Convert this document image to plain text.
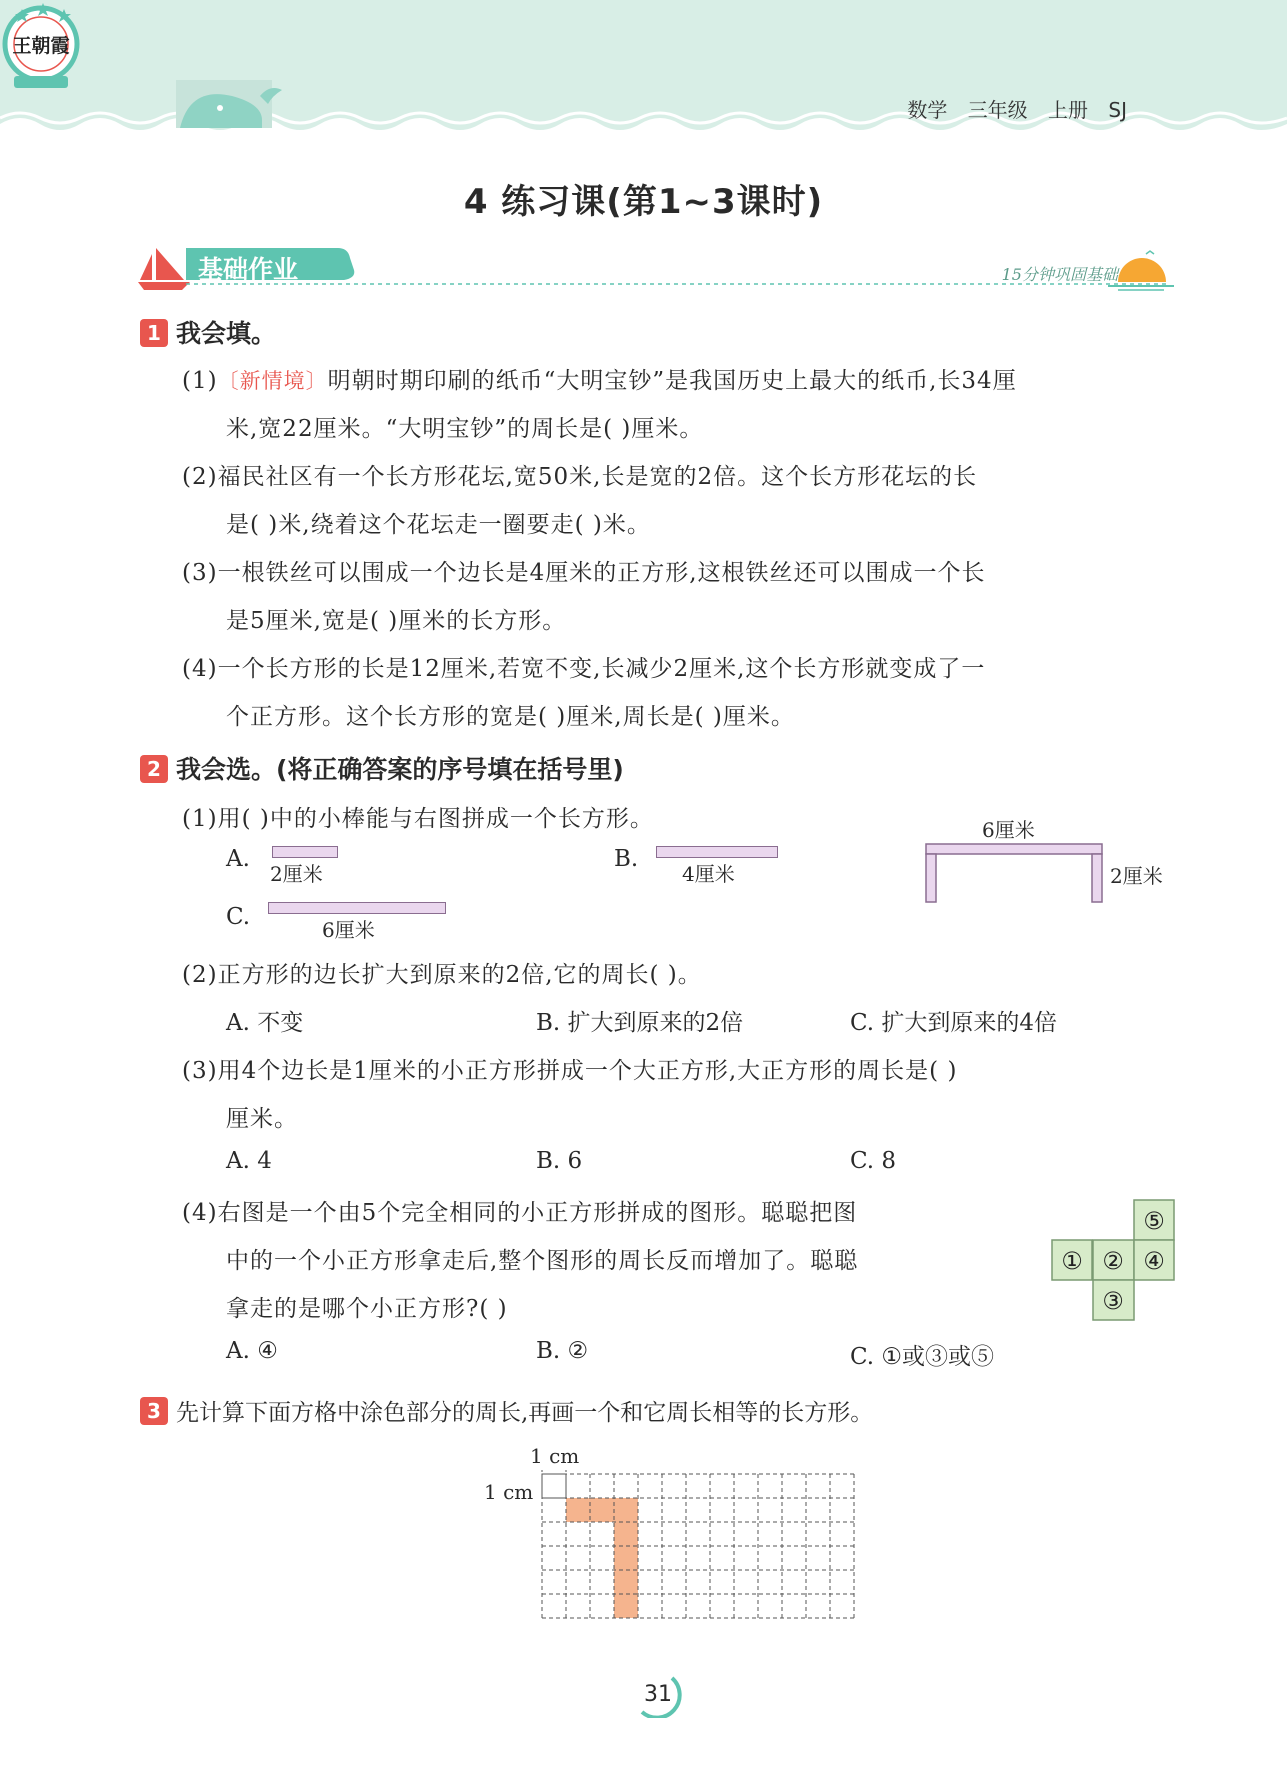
数学 三年级 上册 SJ
王朝霞
4 练习课(第1~3课时)
基础作业	15分钟巩固基础
1 我会填。
(1)〔新情境〕明朝时期印刷的纸币“大明宝钞”是我国历史上最大的纸币,长34厘
米,宽22厘米。“大明宝钞”的周长是( )厘米。
(2)福民社区有一个长方形花坛,宽50米,长是宽的2倍。这个长方形花坛的长
是( )米,绕着这个花坛走一圈要走( )米。
(3)一根铁丝可以围成一个边长是4厘米的正方形,这根铁丝还可以围成一个长
是5厘米,宽是( )厘米的长方形。
(4)一个长方形的长是12厘米,若宽不变,长减少2厘米,这个长方形就变成了一
个正方形。这个长方形的宽是( )厘米,周长是( )厘米。
2 我会选。(将正确答案的序号填在括号里)
(1)用( )中的小棒能与右图拼成一个长方形。
A.
2厘米
B.
4厘米
C.	6厘米
6厘米
2厘米
(2)正方形的边长扩大到原来的2倍,它的周长( )。
A. 不变	B. 扩大到原来的2倍	C. 扩大到原来的4倍
(3)用4个边长是1厘米的小正方形拼成一个大正方形,大正方形的周长是( )
厘米。
A. 4	B. 6	C. 8
(4)右图是一个由5个完全相同的小正方形拼成的图形。聪聪把图
中的一个小正方形拿走后,整个图形的周长反而增加了。聪聪
拿走的是哪个小正方形?( )
A. ④	B. ②	C. ①或③或⑤
① ②
③
④
⑤
3 先计算下面方格中涂色部分的周长,再画一个和它周长相等的长方形。
1 cm
1 cm
31
